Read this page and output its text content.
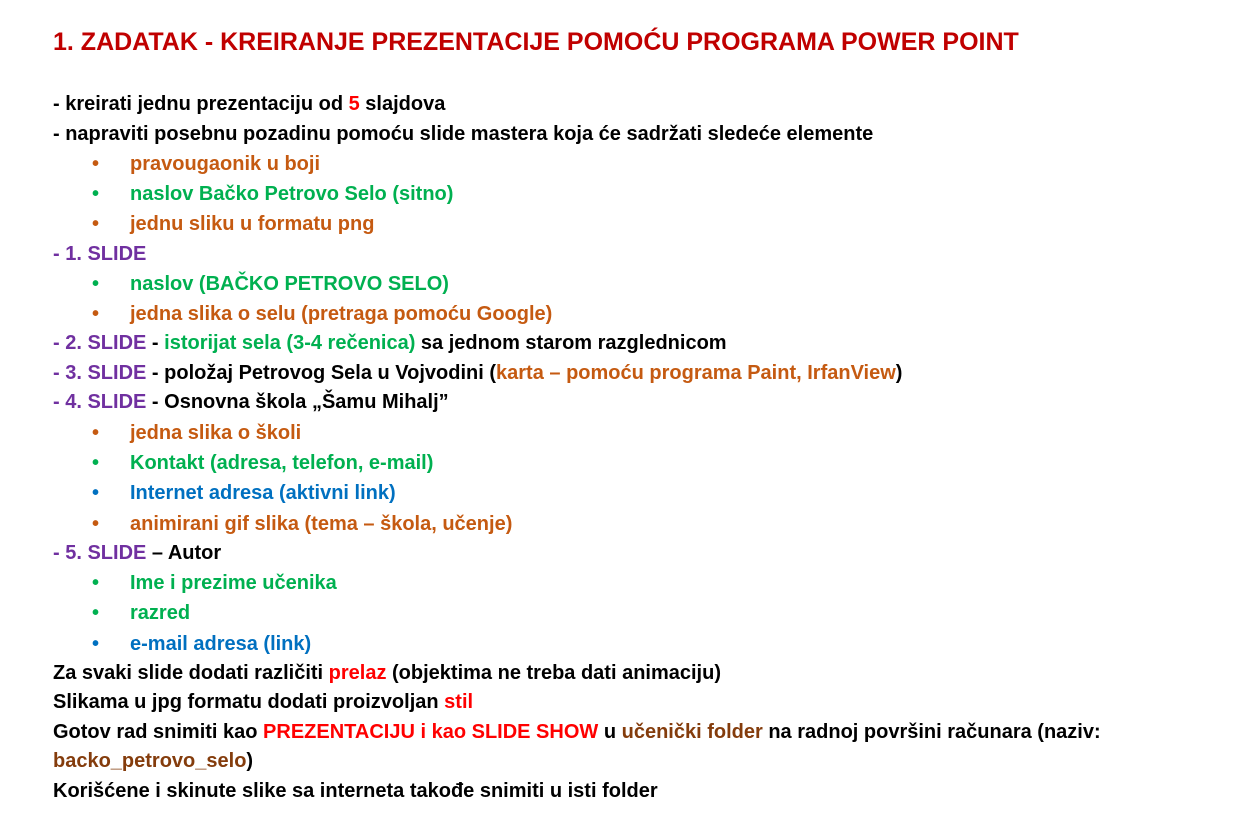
1. ZADATAK - KREIRANJE PREZENTACIJE POMOĆU PROGRAMA POWER POINT
- kreirati jednu prezentaciju od 5 slajdova
- napraviti posebnu pozadinu pomoću slide mastera koja će sadržati sledeće elemente
• pravougaonik u boji
• naslov Bačko Petrovo Selo (sitno)
• jednu sliku u formatu png
- 1. SLIDE
• naslov (BAČKO PETROVO SELO)
• jedna slika o selu (pretraga pomoću Google)
- 2. SLIDE - istorijat sela (3-4 rečenica) sa jednom starom razglednicom
- 3. SLIDE - položaj Petrovog Sela u Vojvodini (karta – pomoću programa Paint, IrfanView)
- 4. SLIDE - Osnovna škola „Šamu Mihalj”
• jedna slika o školi
• Kontakt (adresa, telefon, e-mail)
• Internet adresa (aktivni link)
• animirani gif slika (tema – škola, učenje)
- 5. SLIDE – Autor
• Ime i prezime učenika
• razred
• e-mail adresa (link)
Za svaki slide dodati različiti prelaz (objektima ne treba dati animaciju)
Slikama u jpg formatu dodati proizvoljan stil
Gotov rad snimiti kao PREZENTACIJU i kao SLIDE SHOW u učenički folder na radnoj površini računara (naziv:
backo_petrovo_selo)
Korišćene i skinute slike sa interneta takođe snimiti u isti folder
